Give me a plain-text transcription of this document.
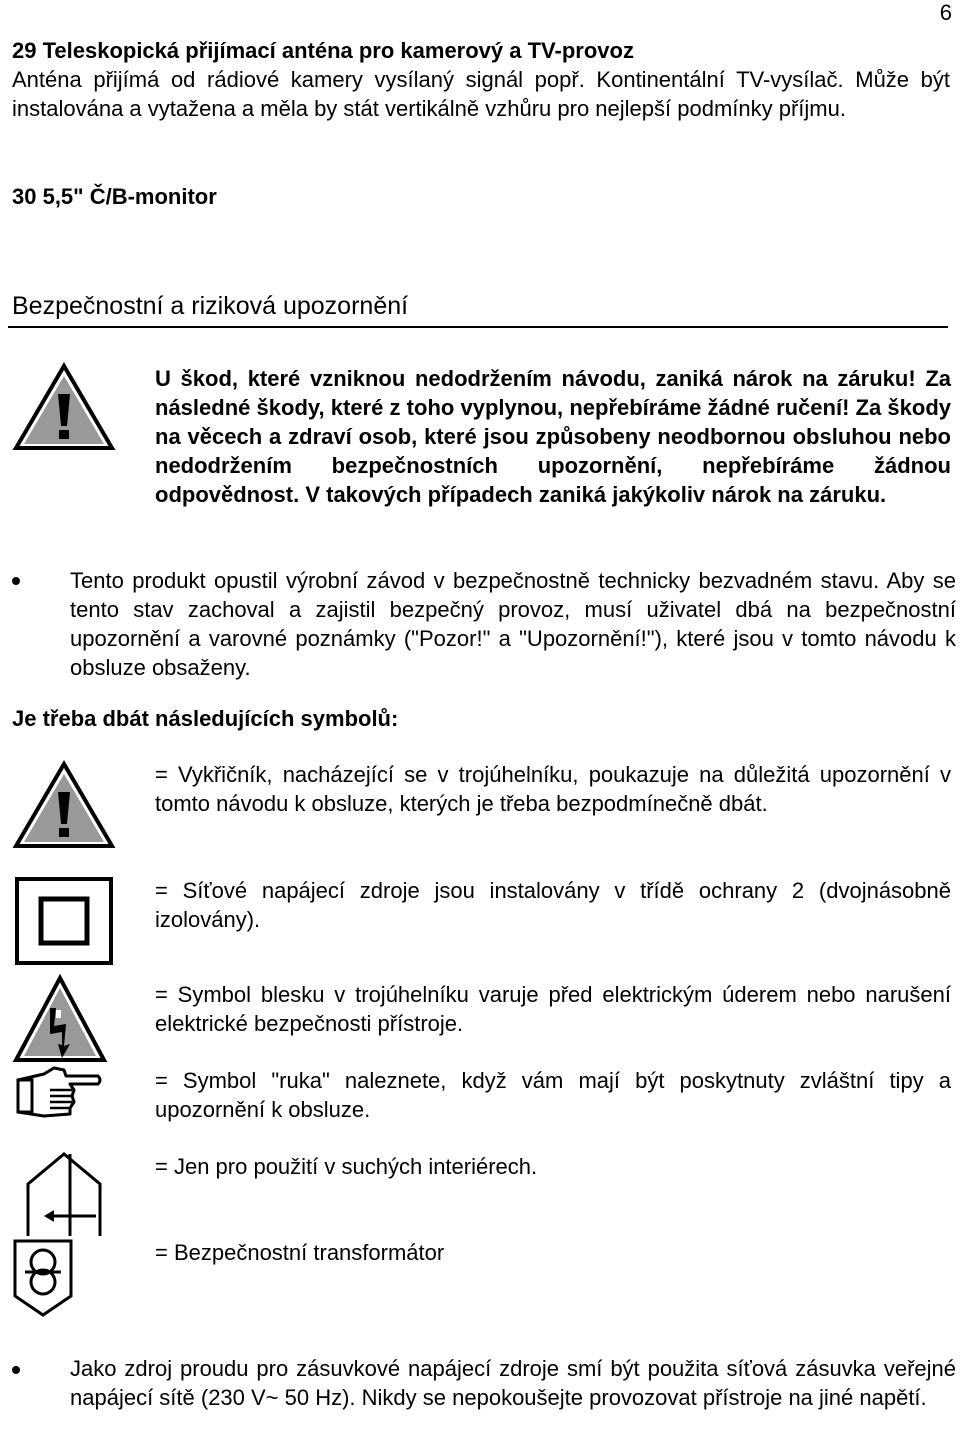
6
29 Teleskopická přijímací anténa pro kamerový a TV-provoz
Anténa přijímá od rádiové kamery vysílaný signál popř. Kontinentální TV-vysílač. Může být instalována a vytažena a měla by stát vertikálně vzhůru pro nejlepší podmínky příjmu.
30 5,5" Č/B-monitor
Bezpečnostní a riziková upozornění
U škod, které vzniknou nedodržením návodu, zaniká nárok na záruku! Za následné škody, které z toho vyplynou, nepřebíráme žádné ručení! Za škody na věcech a zdraví osob, které jsou způsobeny neodbornou obsluhou nebo nedodržením bezpečnostních upozornění, nepřebíráme žádnou odpovědnost. V takových případech zaniká jakýkoliv nárok na záruku.
Tento produkt opustil výrobní závod v bezpečnostně technicky bezvadném stavu. Aby se tento stav zachoval a zajistil bezpečný provoz, musí uživatel dbá na bezpečnostní upozornění a varovné poznámky ("Pozor!" a "Upozornění!"), které jsou v tomto návodu k obsluze obsaženy.
Je třeba dbát následujících symbolů:
= Vykřičník, nacházející se v trojúhelníku, poukazuje na důležitá upozornění v tomto návodu k obsluze, kterých je třeba bezpodmínečně dbát.
= Síťové napájecí zdroje jsou instalovány v třídě ochrany 2 (dvojnásobně izolovány).
= Symbol blesku v trojúhelníku varuje před elektrickým úderem nebo narušení elektrické bezpečnosti přístroje.
= Symbol "ruka" naleznete, když vám mají být poskytnuty zvláštní tipy a upozornění k obsluze.
= Jen pro použití v suchých interiérech.
= Bezpečnostní transformátor
Jako zdroj proudu pro zásuvkové napájecí zdroje smí být použita síťová zásuvka veřejné napájecí sítě (230 V~ 50 Hz). Nikdy se nepokoušejte provozovat přístroje na jiné napětí.
